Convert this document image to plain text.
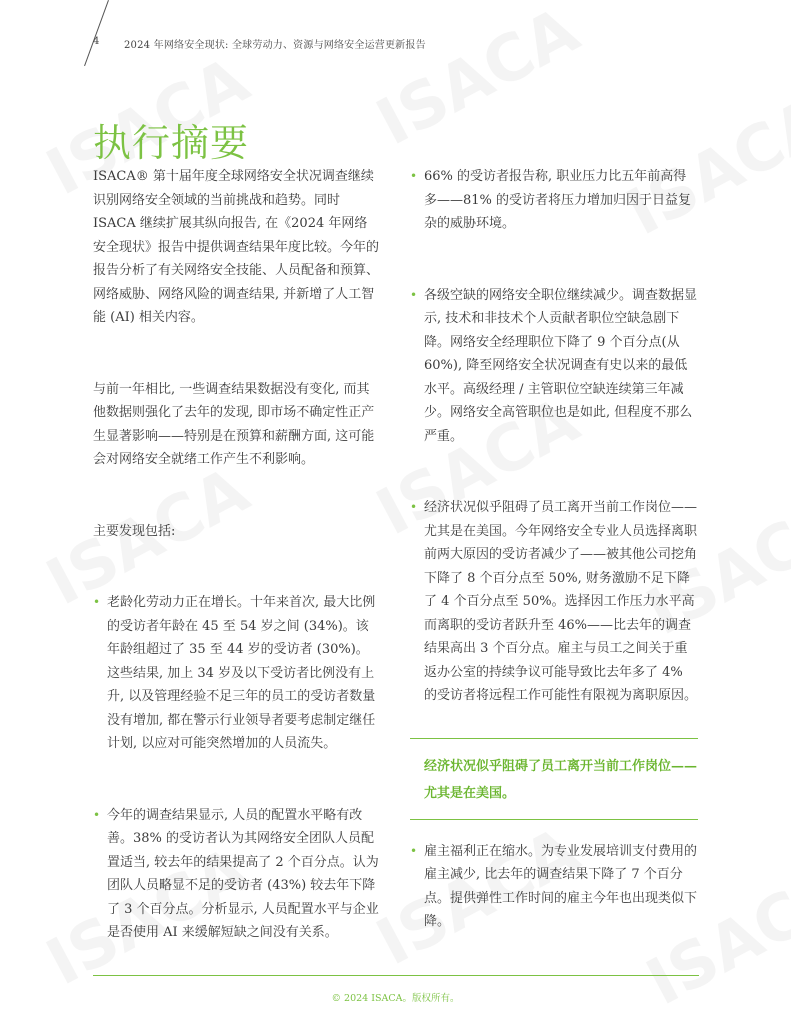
4 2024 年网络安全现状: 全球劳动力、资源与网络安全运营更新报告
执行摘要

ISACA® 第十届年度全球网络安全状况调查继续识别网络安全领域的当前挑战和趋势。同时 ISACA 继续扩展其纵向报告, 在《2024 年网络安全现状》报告中提供调查结果年度比较。今年的报告分析了有关网络安全技能、人员配备和预算、网络威胁、网络风险的调查结果, 并新增了人工智能 (AI) 相关内容。

与前一年相比, 一些调查结果数据没有变化, 而其他数据则强化了去年的发现, 即市场不确定性正产生显著影响——特别是在预算和薪酬方面, 这可能会对网络安全就绪工作产生不利影响。

主要发现包括:

• 老龄化劳动力正在增长。十年来首次, 最大比例的受访者年龄在 45 至 54 岁之间 (34%)。该年龄组超过了 35 至 44 岁的受访者 (30%)。这些结果, 加上 34 岁及以下受访者比例没有上升, 以及管理经验不足三年的员工的受访者数量没有增加, 都在警示行业领导者要考虑制定继任计划, 以应对可能突然增加的人员流失。
• 今年的调查结果显示, 人员的配置水平略有改善。38% 的受访者认为其网络安全团队人员配置适当, 较去年的结果提高了 2 个百分点。认为团队人员略显不足的受访者 (43%) 较去年下降了 3 个百分点。分析显示, 人员配置水平与企业是否使用 AI 来缓解短缺之间没有关系。
• 66% 的受访者报告称, 职业压力比五年前高得多——81% 的受访者将压力增加归因于日益复杂的威胁环境。
• 各级空缺的网络安全职位继续减少。调查数据显示, 技术和非技术个人贡献者职位空缺急剧下降。网络安全经理职位下降了 9 个百分点(从 60%), 降至网络安全状况调查有史以来的最低水平。高级经理 / 主管职位空缺连续第三年减少。网络安全高管职位也是如此, 但程度不那么严重。
• 经济状况似乎阻碍了员工离开当前工作岗位——尤其是在美国。今年网络安全专业人员选择离职前两大原因的受访者减少了——被其他公司挖角下降了 8 个百分点至 50%, 财务激励不足下降了 4 个百分点至 50%。选择因工作压力水平高而离职的受访者跃升至 46%——比去年的调查结果高出 3 个百分点。雇主与员工之间关于重返办公室的持续争议可能导致比去年多了 4% 的受访者将远程工作可能性有限视为离职原因。
经济状况似乎阻碍了员工离开当前工作岗位——尤其是在美国。
• 雇主福利正在缩水。为专业发展培训支付费用的雇主减少, 比去年的调查结果下降了 7 个百分点。提供弹性工作时间的雇主今年也出现类似下降。
© 2024 ISACA。版权所有。
